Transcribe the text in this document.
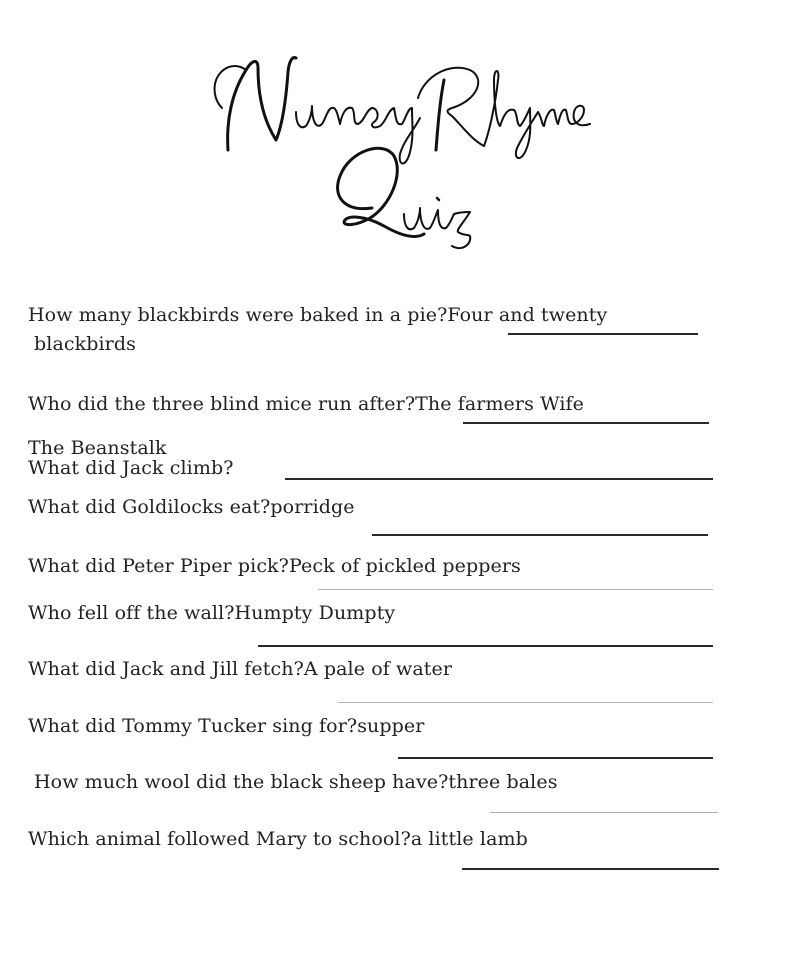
How many blackbirds were baked in a pie?Four and twenty
blackbirds
Who did the three blind mice run after?The farmers Wife
The Beanstalk
What did Jack climb?
What did Goldilocks eat?porridge
What did Peter Piper pick?Peck of pickled peppers
Who fell off the wall?Humpty Dumpty
What did Jack and Jill fetch?A pale of water
What did Tommy Tucker sing for?supper
How much wool did the black sheep have?three bales
Which animal followed Mary to school?a little lamb
